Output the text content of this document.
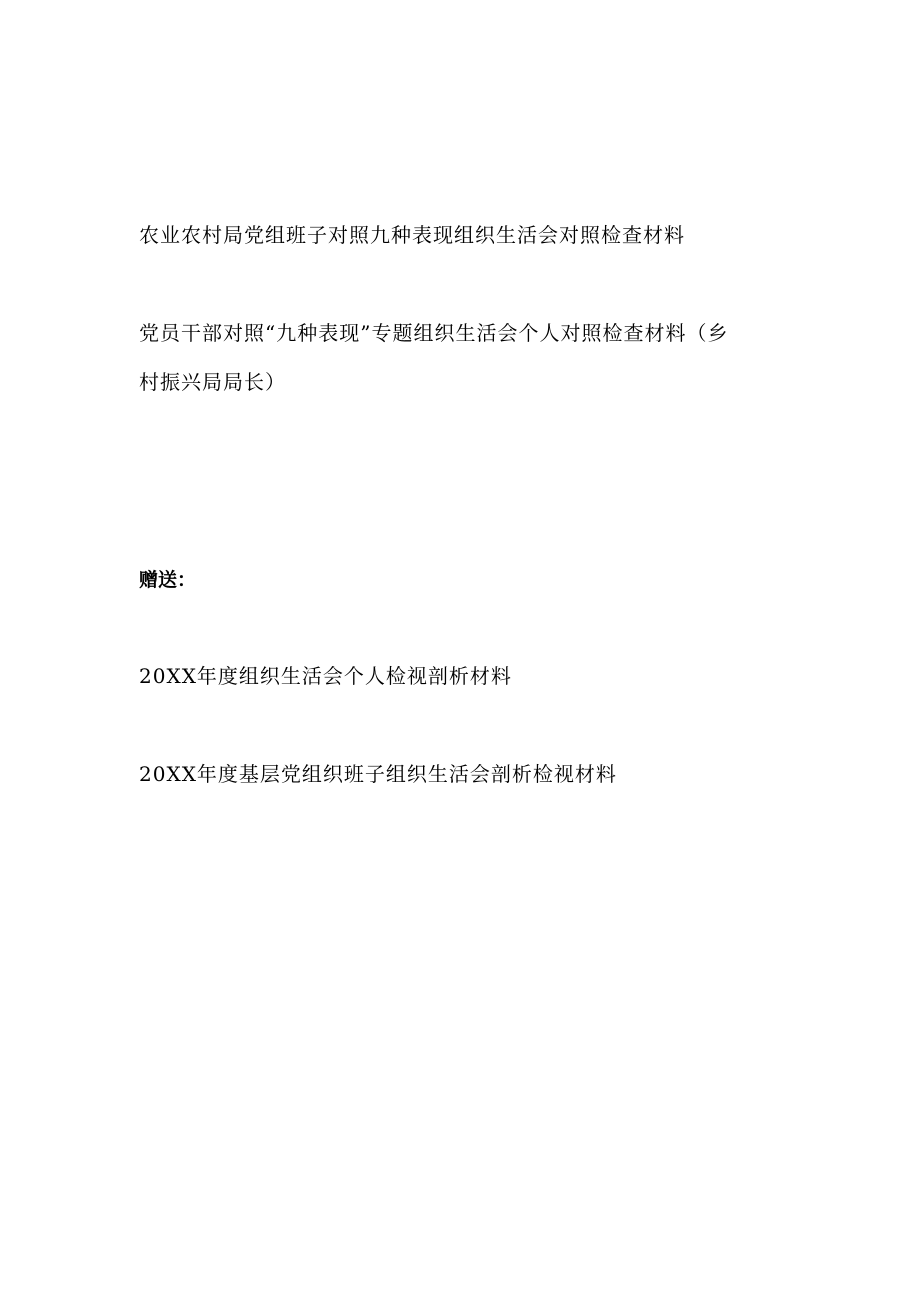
农业农村局党组班子对照九种表现组织生活会对照检查材料
党员干部对照“九种表现”专题组织生活会个人对照检查材料（乡
村振兴局局长）
赠送：
20XX年度组织生活会个人检视剖析材料
20XX年度基层党组织班子组织生活会剖析检视材料
